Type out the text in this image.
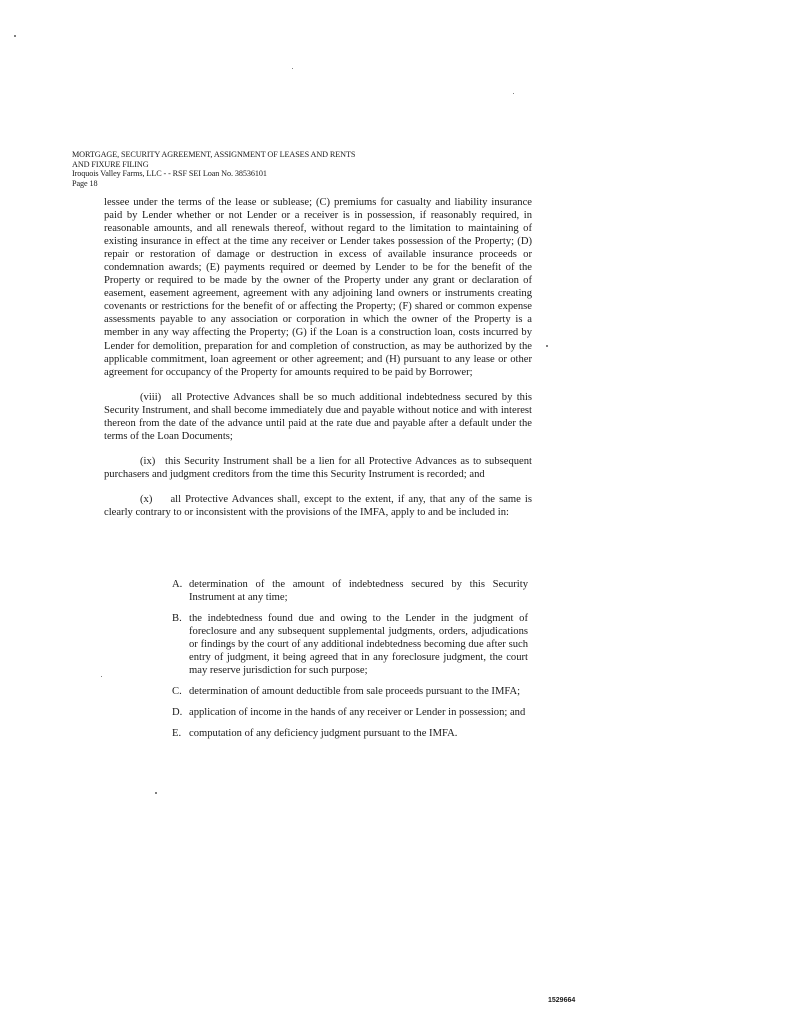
MORTGAGE, SECURITY AGREEMENT, ASSIGNMENT OF LEASES AND RENTS
AND FIXURE FILING
Iroquois Valley Farms, LLC - - RSF SEI Loan No. 38536101
Page 18

lessee under the terms of the lease or sublease; (C) premiums for casualty and liability insurance paid by Lender whether or not Lender or a receiver is in possession, if reasonably required, in reasonable amounts, and all renewals thereof, without regard to the limitation to maintaining of existing insurance in effect at the time any receiver or Lender takes possession of the Property; (D) repair or restoration of damage or destruction in excess of available insurance proceeds or condemnation awards; (E) payments required or deemed by Lender to be for the benefit of the Property or required to be made by the owner of the Property under any grant or declaration of easement, easement agreement, agreement with any adjoining land owners or instruments creating covenants or restrictions for the benefit of or affecting the Property; (F) shared or common expense assessments payable to any association or corporation in which the owner of the Property is a member in any way affecting the Property; (G) if the Loan is a construction loan, costs incurred by Lender for demolition, preparation for and completion of construction, as may be authorized by the applicable commitment, loan agreement or other agreement; and (H) pursuant to any lease or other agreement for occupancy of the Property for amounts required to be paid by Borrower;

(viii) all Protective Advances shall be so much additional indebtedness secured by this Security Instrument, and shall become immediately due and payable without notice and with interest thereon from the date of the advance until paid at the rate due and payable after a default under the terms of the Loan Documents;

(ix) this Security Instrument shall be a lien for all Protective Advances as to subsequent purchasers and judgment creditors from the time this Security Instrument is recorded; and

(x) all Protective Advances shall, except to the extent, if any, that any of the same is clearly contrary to or inconsistent with the provisions of the IMFA, apply to and be included in:

A. determination of the amount of indebtedness secured by this Security Instrument at any time;
B. the indebtedness found due and owing to the Lender in the judgment of foreclosure and any subsequent supplemental judgments, orders, adjudications or findings by the court of any additional indebtedness becoming due after such entry of judgment, it being agreed that in any foreclosure judgment, the court may reserve jurisdiction for such purpose;
C. determination of amount deductible from sale proceeds pursuant to the IMFA;
D. application of income in the hands of any receiver or Lender in possession; and
E. computation of any deficiency judgment pursuant to the IMFA.
1529664
